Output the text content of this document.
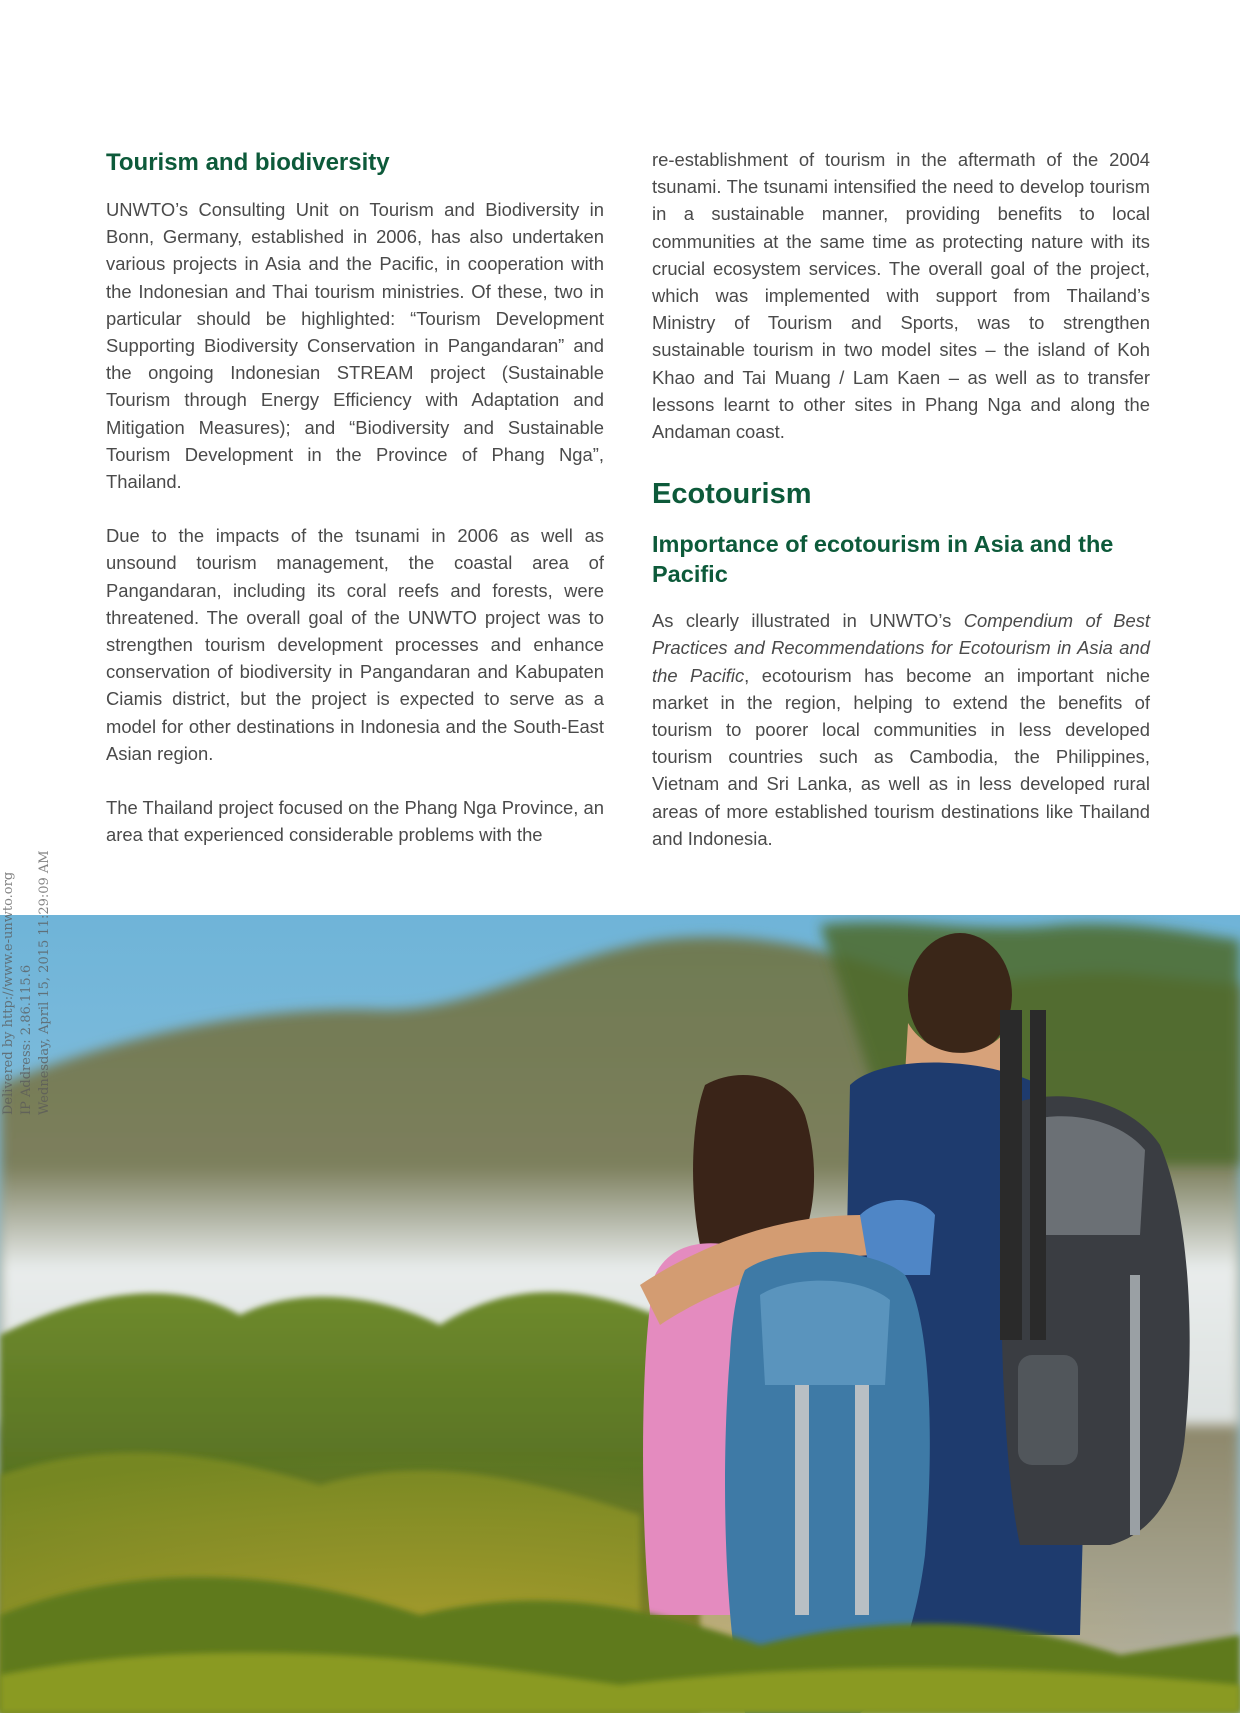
Tourism and biodiversity

UNWTO’s Consulting Unit on Tourism and Biodiversity in Bonn, Germany, established in 2006, has also undertaken various projects in Asia and the Pacific, in cooperation with the Indonesian and Thai tourism ministries. Of these, two in particular should be highlighted: “Tourism Development Supporting Biodiversity Conservation in Pangandaran” and the ongoing Indonesian STREAM project (Sustainable Tourism through Energy Efficiency with Adaptation and Mitigation Measures); and “Biodiversity and Sustainable Tourism Development in the Province of Phang Nga”, Thailand.

Due to the impacts of the tsunami in 2006 as well as unsound tourism management, the coastal area of Pangandaran, including its coral reefs and forests, were threatened. The overall goal of the UNWTO project was to strengthen tourism development processes and enhance conservation of biodiversity in Pangandaran and Kabupaten Ciamis district, but the project is expected to serve as a model for other destinations in Indonesia and the South-East Asian region.

The Thailand project focused on the Phang Nga Province, an area that experienced considerable problems with the

re-establishment of tourism in the aftermath of the 2004 tsunami. The tsunami intensified the need to develop tourism in a sustainable manner, providing benefits to local communities at the same time as protecting nature with its crucial ecosystem services. The overall goal of the project, which was implemented with support from Thailand’s Ministry of Tourism and Sports, was to strengthen sustainable tourism in two model sites – the island of Koh Khao and Tai Muang / Lam Kaen – as well as to transfer lessons learnt to other sites in Phang Nga and along the Andaman coast.

Ecotourism
Importance of ecotourism in Asia and the Pacific

As clearly illustrated in UNWTO’s Compendium of Best Practices and Recommendations for Ecotourism in Asia and the Pacific, ecotourism has become an important niche market in the region, helping to extend the benefits of tourism to poorer local communities in less developed tourism countries such as Cambodia, the Philippines, Vietnam and Sri Lanka, as well as in less developed rural areas of more established tourism destinations like Thailand and Indonesia.

Delivered by http://www.e-unwto.org IP Address: 2.86.115.6 Wednesday, April 15, 2015 11:29:09 AM
